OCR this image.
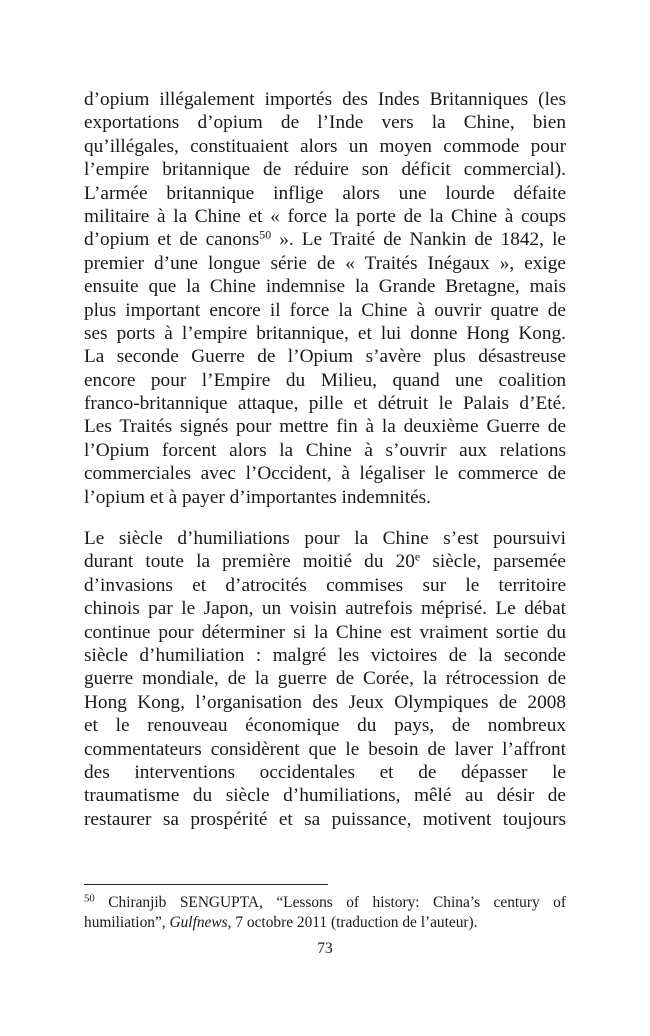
d’opium illégalement importés des Indes Britanniques (les
exportations d’opium de l’Inde vers la Chine, bien
qu’illégales, constituaient alors un moyen commode pour
l’empire britannique de réduire son déficit commercial).
L’armée britannique inflige alors une lourde défaite
militaire à la Chine et « force la porte de la Chine à coups
d’opium et de canons$^{50}$ ». Le Traité de Nankin de 1842, le
premier d’une longue série de « Traités Inégaux », exige
ensuite que la Chine indemnise la Grande Bretagne, mais
plus important encore il force la Chine à ouvrir quatre de
ses ports à l’empire britannique, et lui donne Hong Kong.
La seconde Guerre de l’Opium s’avère plus désastreuse
encore pour l’Empire du Milieu, quand une coalition
franco-britannique attaque, pille et détruit le Palais d’Eté.
Les Traités signés pour mettre fin à la deuxième Guerre de
l’Opium forcent alors la Chine à s’ouvrir aux relations
commerciales avec l’Occident, à légaliser le commerce de
l’opium et à payer d’importantes indemnités.
Le siècle d’humiliations pour la Chine s’est poursuivi
durant toute la première moitié du 20e siècle, parsemée
d’invasions et d’atrocités commises sur le territoire
chinois par le Japon, un voisin autrefois méprisé. Le débat
continue pour déterminer si la Chine est vraiment sortie du
siècle d’humiliation : malgré les victoires de la seconde
guerre mondiale, de la guerre de Corée, la rétrocession de
Hong Kong, l’organisation des Jeux Olympiques de 2008
et le renouveau économique du pays, de nombreux
commentateurs considèrent que le besoin de laver l’affront
des interventions occidentales et de dépasser le
traumatisme du siècle d’humiliations, mêlé au désir de
restaurer sa prospérité et sa puissance, motivent toujours
$^{50}$ Chiranjib SENGUPTA, “Lessons of history: China’s century of
humiliation”, Gulfnews, 7 octobre 2011 (traduction de l’auteur).
73
